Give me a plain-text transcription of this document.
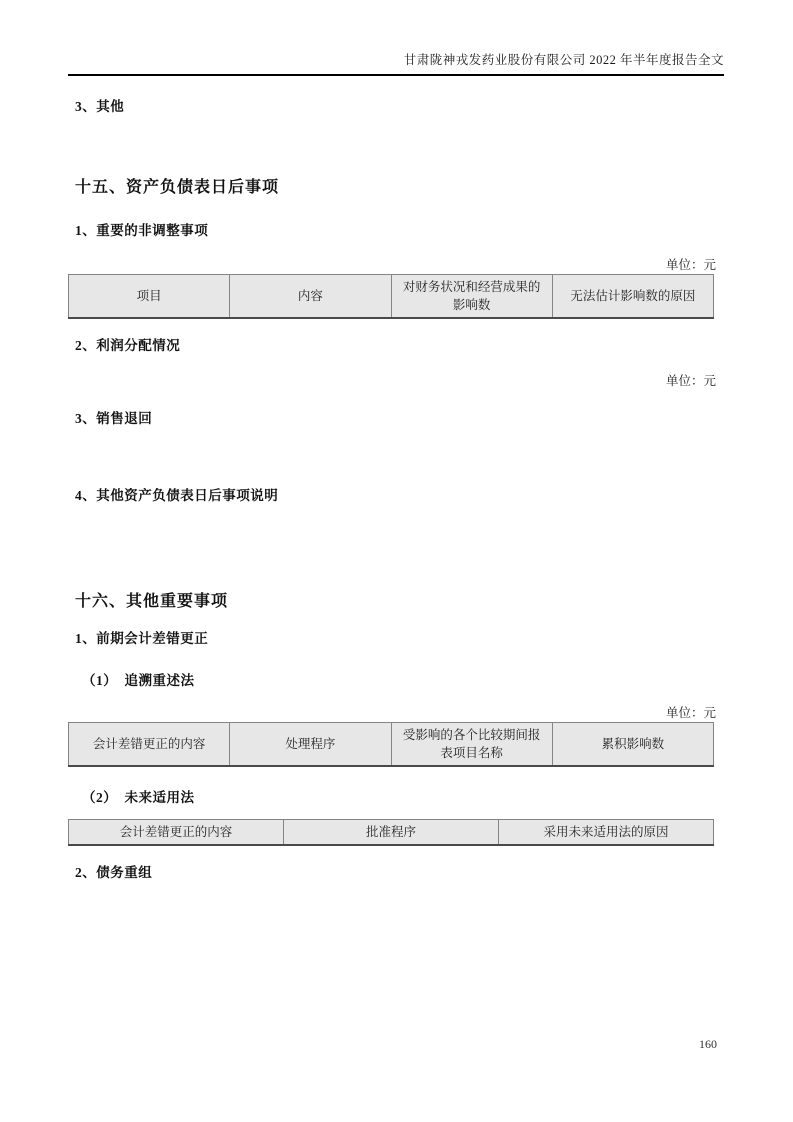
甘肃陇神戎发药业股份有限公司 2022 年半年度报告全文
3、其他
十五、资产负债表日后事项
1、重要的非调整事项
单位：元
项目	内容	对财务状况和经营成果的影响数	无法估计影响数的原因
2、利润分配情况
单位：元
3、销售退回
4、其他资产负债表日后事项说明
十六、其他重要事项
1、前期会计差错更正
（1）　追溯重述法
单位：元
会计差错更正的内容	处理程序	受影响的各个比较期间报表项目名称	累积影响数
（2）　未来适用法
会计差错更正的内容	批准程序	采用未来适用法的原因
2、债务重组
160
